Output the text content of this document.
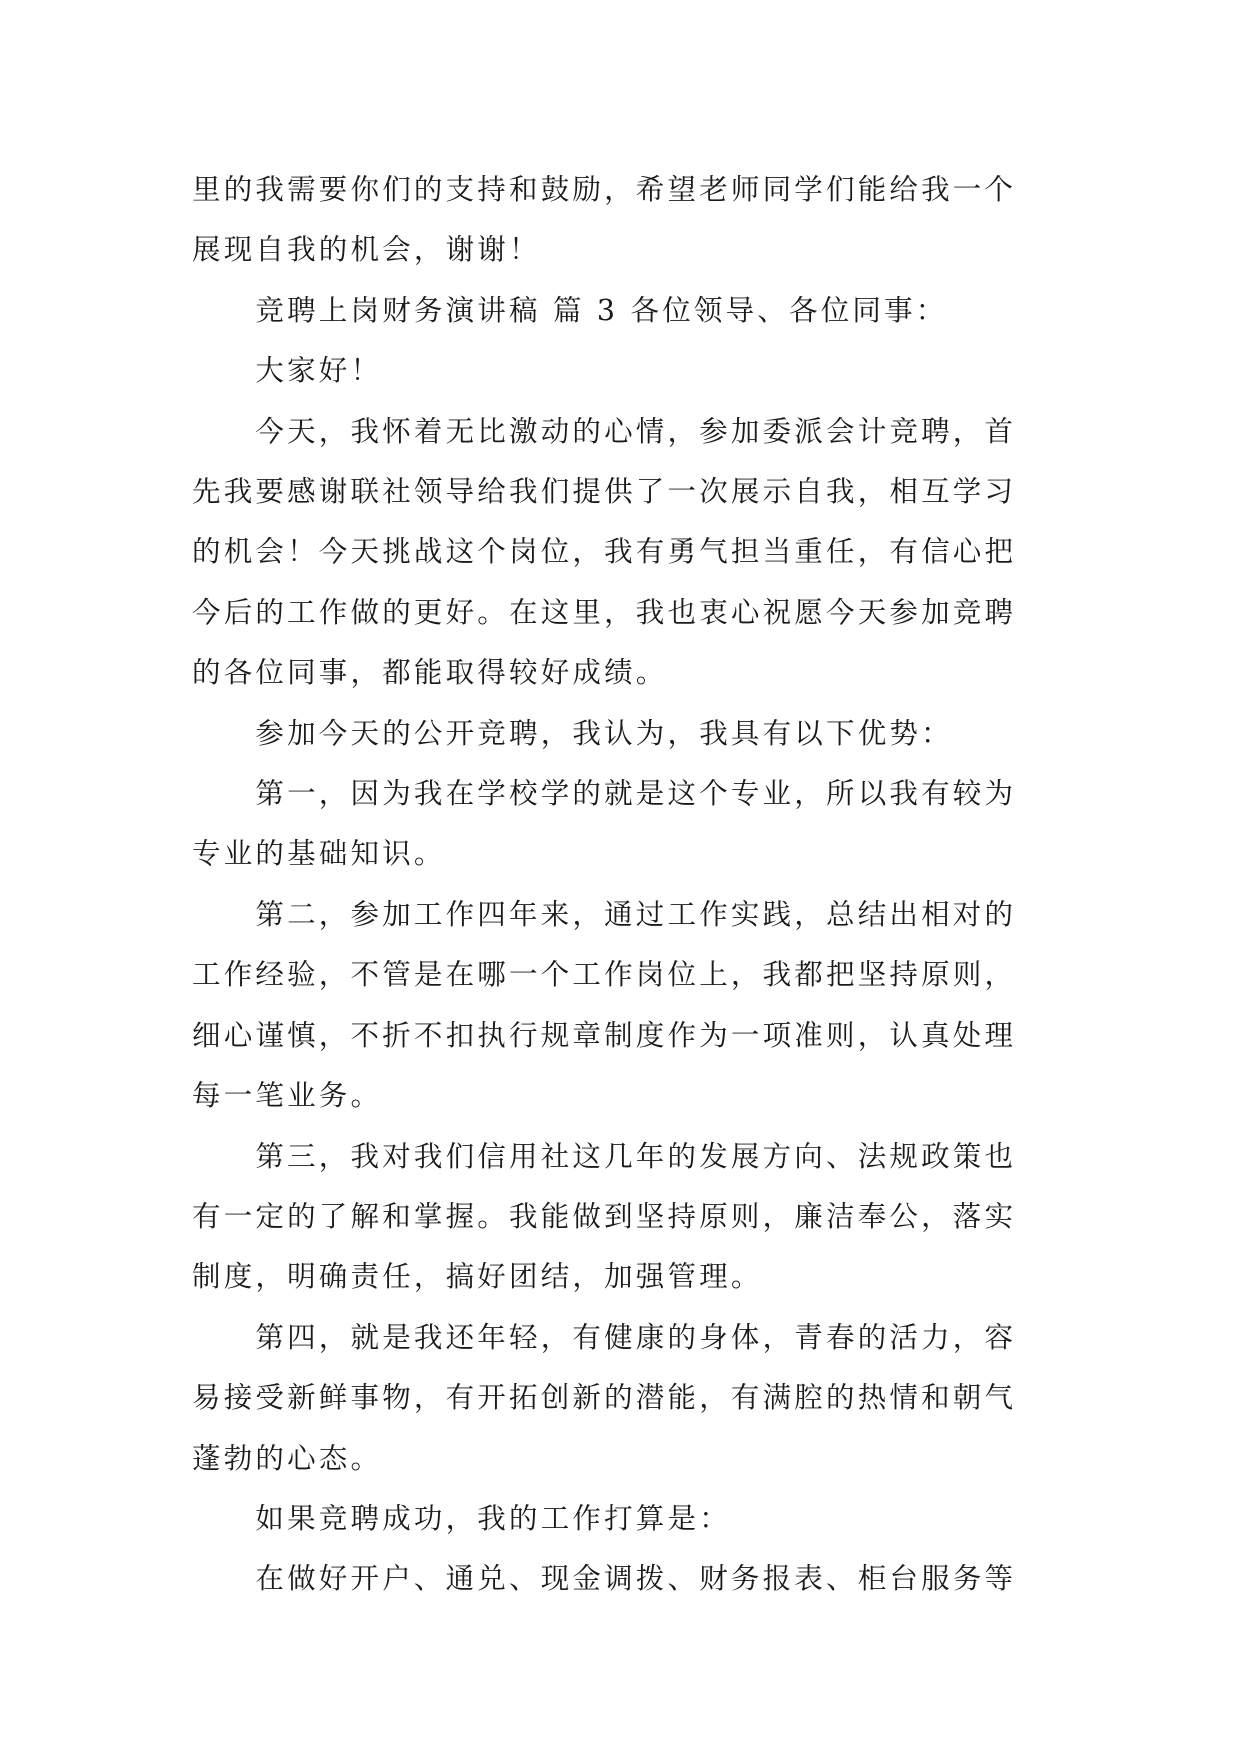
里的我需要你们的支持和鼓励，希望老师同学们能给我一个
展现自我的机会，谢谢！
　　竞聘上岗财务演讲稿 篇 3 各位领导、各位同事：
　　大家好！
　　今天，我怀着无比激动的心情，参加委派会计竞聘，首
先我要感谢联社领导给我们提供了一次展示自我，相互学习
的机会！今天挑战这个岗位，我有勇气担当重任，有信心把
今后的工作做的更好。在这里，我也衷心祝愿今天参加竞聘
的各位同事，都能取得较好成绩。
　　参加今天的公开竞聘，我认为，我具有以下优势：
　　第一，因为我在学校学的就是这个专业，所以我有较为
专业的基础知识。
　　第二，参加工作四年来，通过工作实践，总结出相对的
工作经验，不管是在哪一个工作岗位上，我都把坚持原则，
细心谨慎，不折不扣执行规章制度作为一项准则，认真处理
每一笔业务。
　　第三，我对我们信用社这几年的发展方向、法规政策也
有一定的了解和掌握。我能做到坚持原则，廉洁奉公，落实
制度，明确责任，搞好团结，加强管理。
　　第四，就是我还年轻，有健康的身体，青春的活力，容
易接受新鲜事物，有开拓创新的潜能，有满腔的热情和朝气
蓬勃的心态。
　　如果竞聘成功，我的工作打算是：
　　在做好开户、通兑、现金调拨、财务报表、柜台服务等
